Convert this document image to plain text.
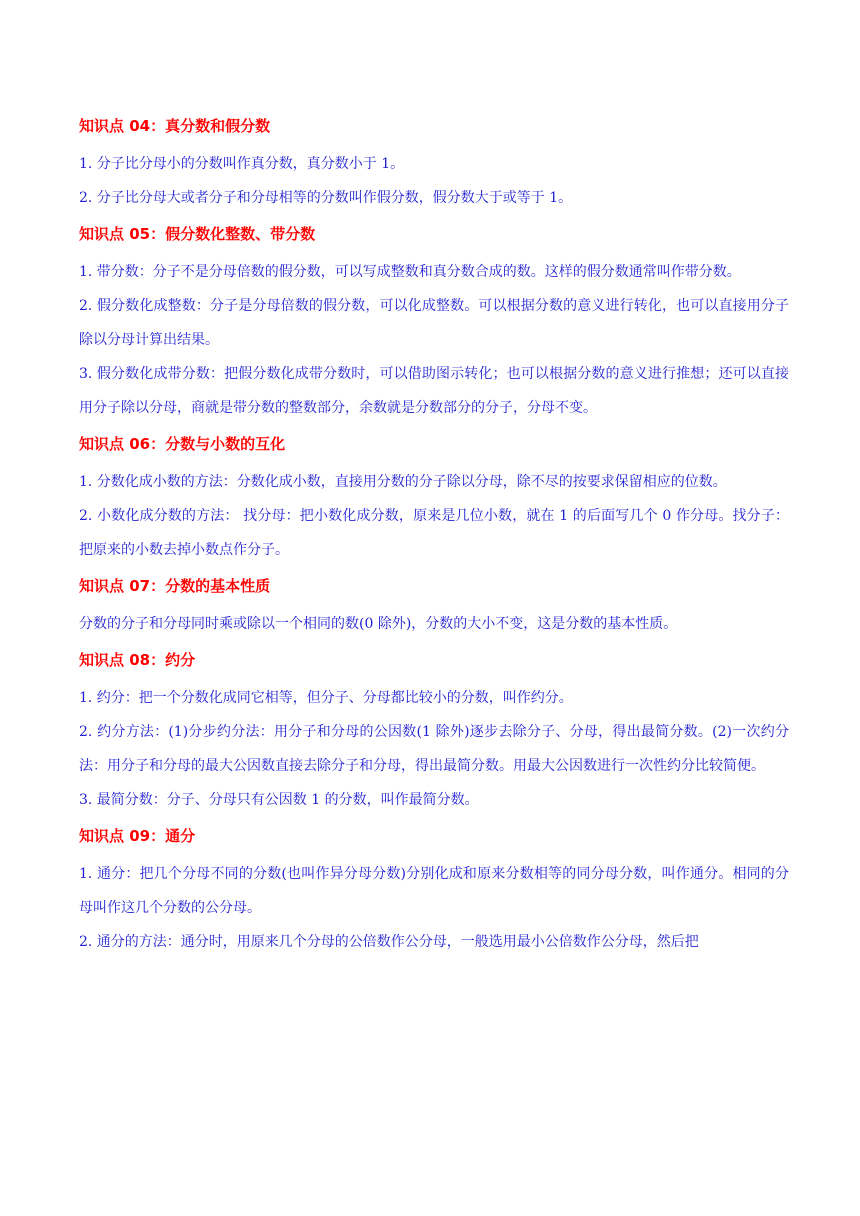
知识点 04：真分数和假分数

1. 分子比分母小的分数叫作真分数，真分数小于 1。

2. 分子比分母大或者分子和分母相等的分数叫作假分数，假分数大于或等于 1。

知识点 05：假分数化整数、带分数

1. 带分数：分子不是分母倍数的假分数，可以写成整数和真分数合成的数。这样的假分数通常叫作带分数。

2. 假分数化成整数：分子是分母倍数的假分数，可以化成整数。可以根据分数的意义进行转化，也可以直接用分子除以分母计算出结果。

3. 假分数化成带分数：把假分数化成带分数时，可以借助图示转化；也可以根据分数的意义进行推想；还可以直接用分子除以分母，商就是带分数的整数部分，余数就是分数部分的分子，分母不变。

知识点 06：分数与小数的互化

1. 分数化成小数的方法：分数化成小数，直接用分数的分子除以分母，除不尽的按要求保留相应的位数。

2. 小数化成分数的方法： 找分母：把小数化成分数，原来是几位小数，就在 1 的后面写几个 0 作分母。找分子：把原来的小数去掉小数点作分子。

知识点 07：分数的基本性质

分数的分子和分母同时乘或除以一个相同的数(0 除外)，分数的大小不变，这是分数的基本性质。

知识点 08：约分

1. 约分：把一个分数化成同它相等，但分子、分母都比较小的分数，叫作约分。

2. 约分方法：(1)分步约分法：用分子和分母的公因数(1 除外)逐步去除分子、分母，得出最简分数。(2)一次约分法：用分子和分母的最大公因数直接去除分子和分母，得出最简分数。用最大公因数进行一次性约分比较简便。

3. 最简分数：分子、分母只有公因数 1 的分数，叫作最简分数。

知识点 09：通分

1. 通分：把几个分母不同的分数(也叫作异分母分数)分别化成和原来分数相等的同分母分数，叫作通分。相同的分母叫作这几个分数的公分母。

2. 通分的方法：通分时，用原来几个分母的公倍数作公分母，一般选用最小公倍数作公分母，然后把
